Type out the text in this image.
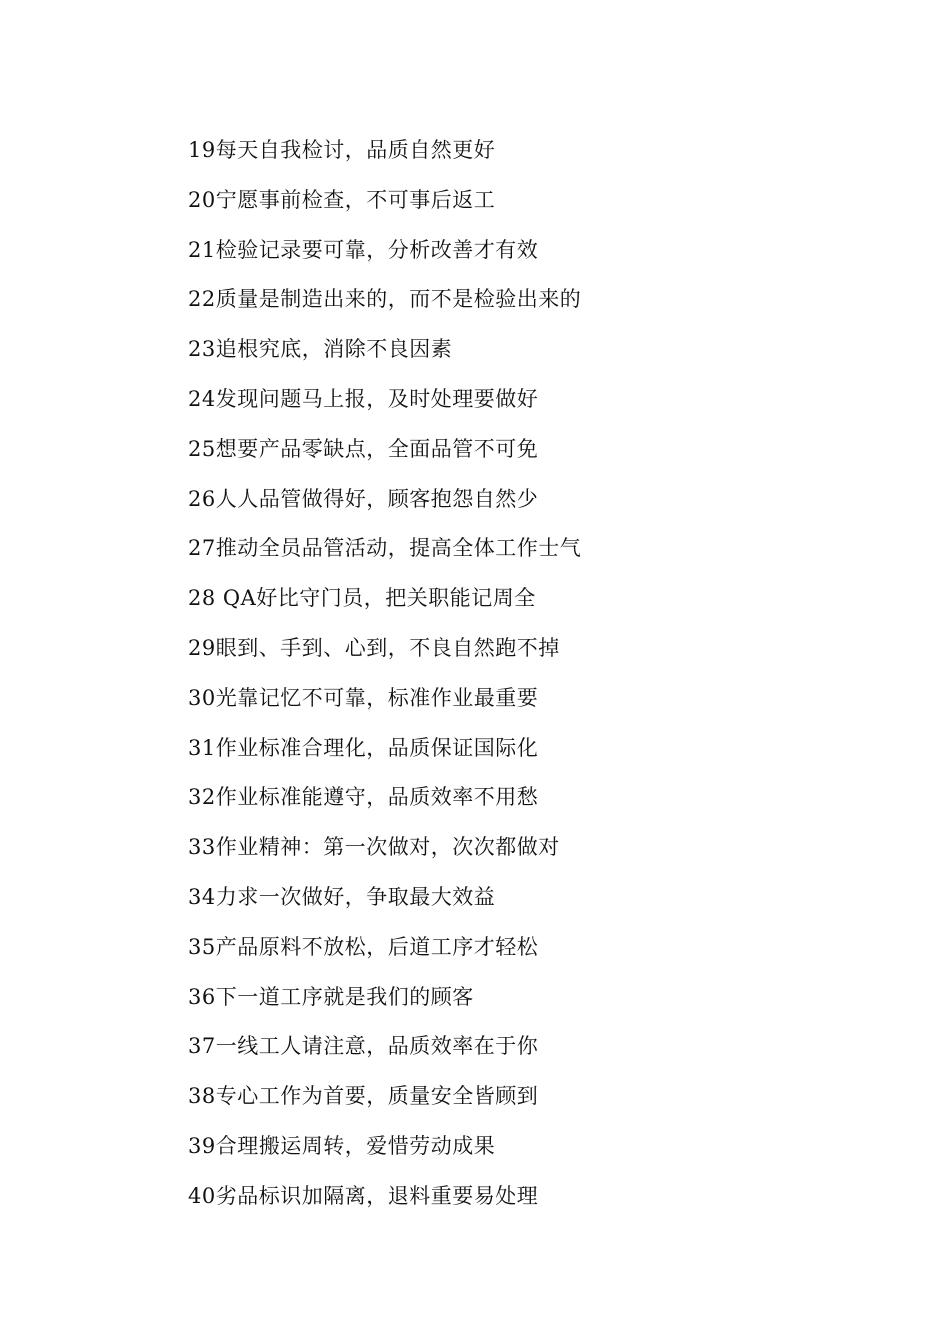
19每天自我检讨，品质自然更好
20宁愿事前检查，不可事后返工
21检验记录要可靠，分析改善才有效
22质量是制造出来的，而不是检验出来的
23追根究底，消除不良因素
24发现问题马上报，及时处理要做好
25想要产品零缺点，全面品管不可免
26人人品管做得好，顾客抱怨自然少
27推动全员品管活动，提高全体工作士气
28 QA好比守门员，把关职能记周全
29眼到、手到、心到，不良自然跑不掉
30光靠记忆不可靠，标准作业最重要
31作业标准合理化，品质保证国际化
32作业标准能遵守，品质效率不用愁
33作业精神：第一次做对，次次都做对
34力求一次做好，争取最大效益
35产品原料不放松，后道工序才轻松
36下一道工序就是我们的顾客
37一线工人请注意，品质效率在于你
38专心工作为首要，质量安全皆顾到
39合理搬运周转，爱惜劳动成果
40劣品标识加隔离，退料重要易处理
